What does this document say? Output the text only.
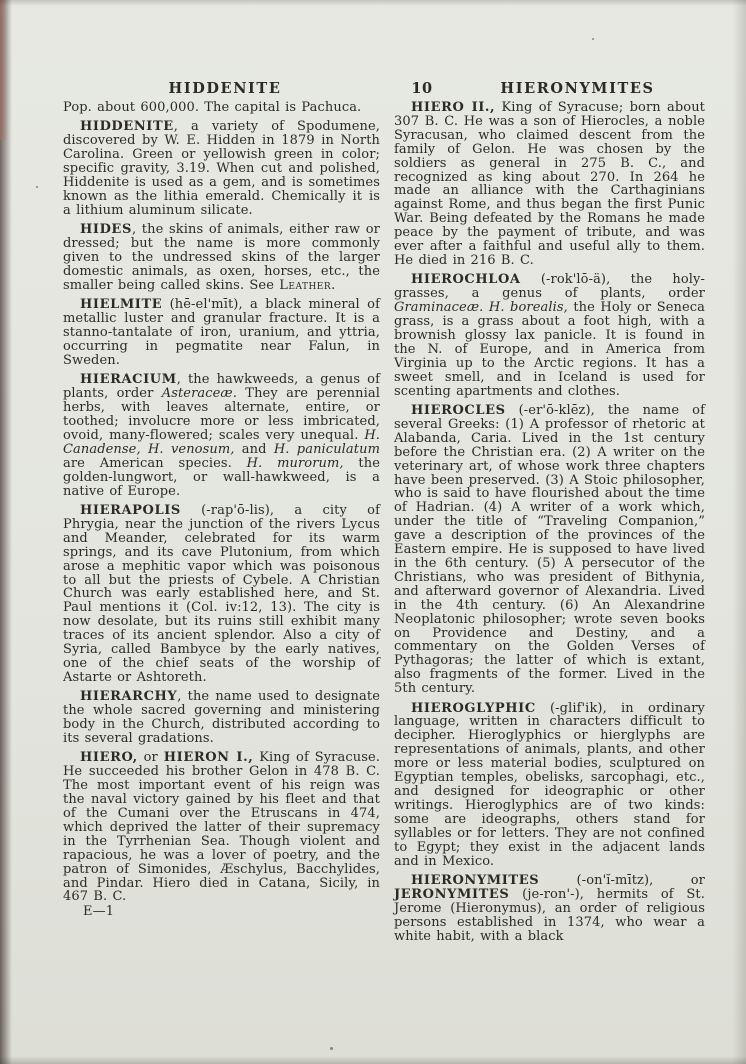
HIDDENITE	10	HIERONYMITES

Pop. about 600,000. The capital is Pachuca.

HIDDENITE, a variety of Spodumene, discovered by W. E. Hidden in 1879 in North Carolina. Green or yellowish green in color; specific gravity, 3.19. When cut and polished, Hiddenite is used as a gem, and is sometimes known as the lithia emerald. Chemically it is a lithium aluminum silicate.

HIDES, the skins of animals, either raw or dressed; but the name is more commonly given to the undressed skins of the larger domestic animals, as oxen, horses, etc., the smaller being called skins. See Leather.

HIELMITE (hē-el'mīt), a black mineral of metallic luster and granular fracture. It is a stanno-tantalate of iron, uranium, and yttria, occurring in pegmatite near Falun, in Sweden.

HIERACIUM, the hawkweeds, a genus of plants, order Asteraceæ. They are perennial herbs, with leaves alternate, entire, or toothed; involucre more or less imbricated, ovoid, many-flowered; scales very unequal. H. Canadense, H. venosum, and H. paniculatum are American species. H. murorum, the golden-lungwort, or wall-hawkweed, is a native of Europe.

HIERAPOLIS (-rap'ō-lis), a city of Phrygia, near the junction of the rivers Lycus and Meander, celebrated for its warm springs, and its cave Plutonium, from which arose a mephitic vapor which was poisonous to all but the priests of Cybele. A Christian Church was early established here, and St. Paul mentions it (Col. iv:12, 13). The city is now desolate, but its ruins still exhibit many traces of its ancient splendor. Also a city of Syria, called Bambyce by the early natives, one of the chief seats of the worship of Astarte or Ashtoreth.

HIERARCHY, the name used to designate the whole sacred governing and ministering body in the Church, distributed according to its several gradations.

HIERO, or HIERON I., King of Syracuse. He succeeded his brother Gelon in 478 B. C. The most important event of his reign was the naval victory gained by his fleet and that of the Cumani over the Etruscans in 474, which deprived the latter of their supremacy in the Tyrrhenian Sea. Though violent and rapacious, he was a lover of poetry, and the patron of Simonides, Æschylus, Bacchylides, and Pindar. Hiero died in Catana, Sicily, in 467 B. C.

E—1

HIERO II., King of Syracuse; born about 307 B. C. He was a son of Hierocles, a noble Syracusan, who claimed descent from the family of Gelon. He was chosen by the soldiers as general in 275 B. C., and recognized as king about 270. In 264 he made an alliance with the Carthaginians against Rome, and thus began the first Punic War. Being defeated by the Romans he made peace by the payment of tribute, and was ever after a faithful and useful ally to them. He died in 216 B. C.

HIEROCHLOA (-rok'lō-ä), the holy-grasses, a genus of plants, order Graminaceæ. H. borealis, the Holy or Seneca grass, is a grass about a foot high, with a brownish glossy lax panicle. It is found in the N. of Europe, and in America from Virginia up to the Arctic regions. It has a sweet smell, and in Iceland is used for scenting apartments and clothes.

HIEROCLES (-er'ō-klēz), the name of several Greeks: (1) A professor of rhetoric at Alabanda, Caria. Lived in the 1st century before the Christian era. (2) A writer on the veterinary art, of whose work three chapters have been preserved. (3) A Stoic philosopher, who is said to have flourished about the time of Hadrian. (4) A writer of a work which, under the title of “Traveling Companion,” gave a description of the provinces of the Eastern empire. He is supposed to have lived in the 6th century. (5) A persecutor of the Christians, who was president of Bithynia, and afterward governor of Alexandria. Lived in the 4th century. (6) An Alexandrine Neoplatonic philosopher; wrote seven books on Providence and Destiny, and a commentary on the Golden Verses of Pythagoras; the latter of which is extant, also fragments of the former. Lived in the 5th century.

HIEROGLYPHIC (-glif'ik), in ordinary language, written in characters difficult to decipher. Hieroglyphics or hierglyphs are representations of animals, plants, and other more or less material bodies, sculptured on Egyptian temples, obelisks, sarcophagi, etc., and designed for ideographic or other writings. Hieroglyphics are of two kinds: some are ideographs, others stand for syllables or for letters. They are not confined to Egypt; they exist in the adjacent lands and in Mexico.

HIERONYMITES (-on'ĭ-mītz), or JERONYMITES (je-ron'-), hermits of St. Jerome (Hieronymus), an order of religious persons established in 1374, who wear a white habit, with a black
